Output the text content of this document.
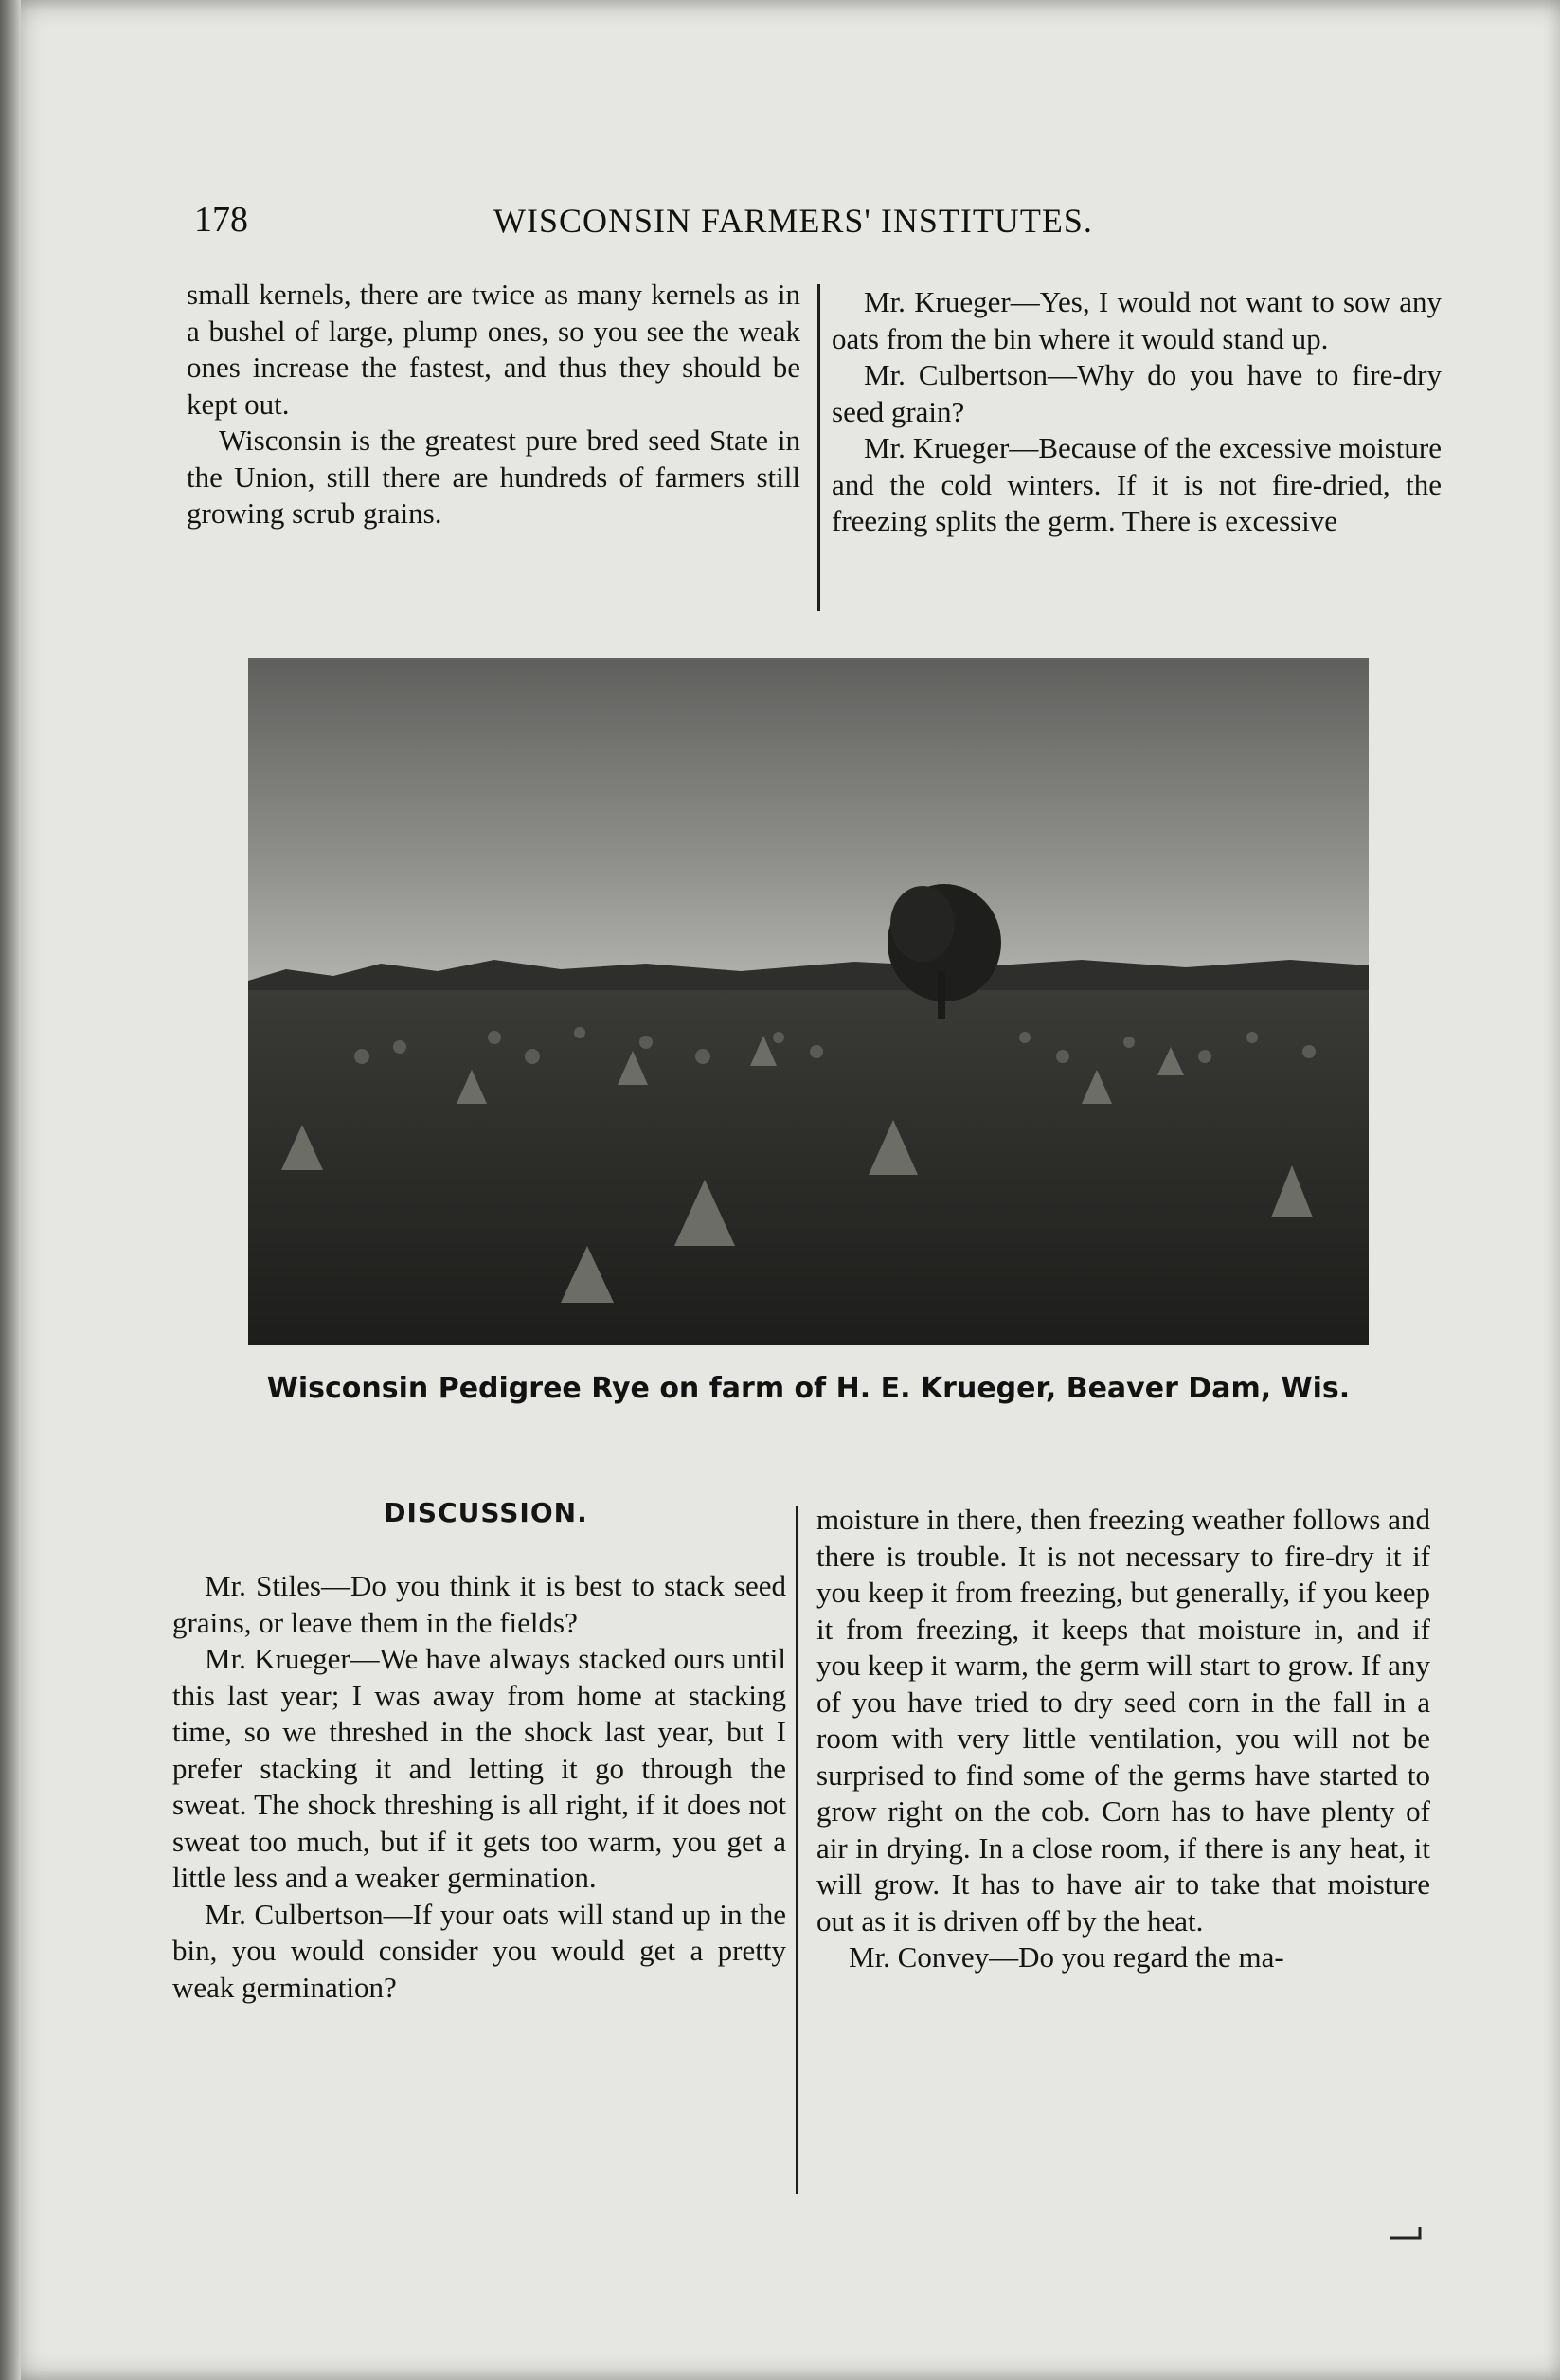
178	WISCONSIN FARMERS' INSTITUTES.

small kernels, there are twice as many kernels as in a bushel of large, plump ones, so you see the weak ones increase the fastest, and thus they should be kept out.

Wisconsin is the greatest pure bred seed State in the Union, still there are hundreds of farmers still growing scrub grains.

Mr. Krueger—Yes, I would not want to sow any oats from the bin where it would stand up.

Mr. Culbertson—Why do you have to fire-dry seed grain?

Mr. Krueger—Because of the excessive moisture and the cold winters. If it is not fire-dried, the freezing splits the germ. There is excessive

Wisconsin Pedigree Rye on farm of H. E. Krueger, Beaver Dam, Wis.
DISCUSSION.

Mr. Stiles—Do you think it is best to stack seed grains, or leave them in the fields?

Mr. Krueger—We have always stacked ours until this last year; I was away from home at stacking time, so we threshed in the shock last year, but I prefer stacking it and letting it go through the sweat. The shock threshing is all right, if it does not sweat too much, but if it gets too warm, you get a little less and a weaker germination.

Mr. Culbertson—If your oats will stand up in the bin, you would consider you would get a pretty weak germination?

moisture in there, then freezing weather follows and there is trouble. It is not necessary to fire-dry it if you keep it from freezing, but generally, if you keep it from freezing, it keeps that moisture in, and if you keep it warm, the germ will start to grow. If any of you have tried to dry seed corn in the fall in a room with very little ventilation, you will not be surprised to find some of the germs have started to grow right on the cob. Corn has to have plenty of air in drying. In a close room, if there is any heat, it will grow. It has to have air to take that moisture out as it is driven off by the heat.

Mr. Convey—Do you regard the ma-
